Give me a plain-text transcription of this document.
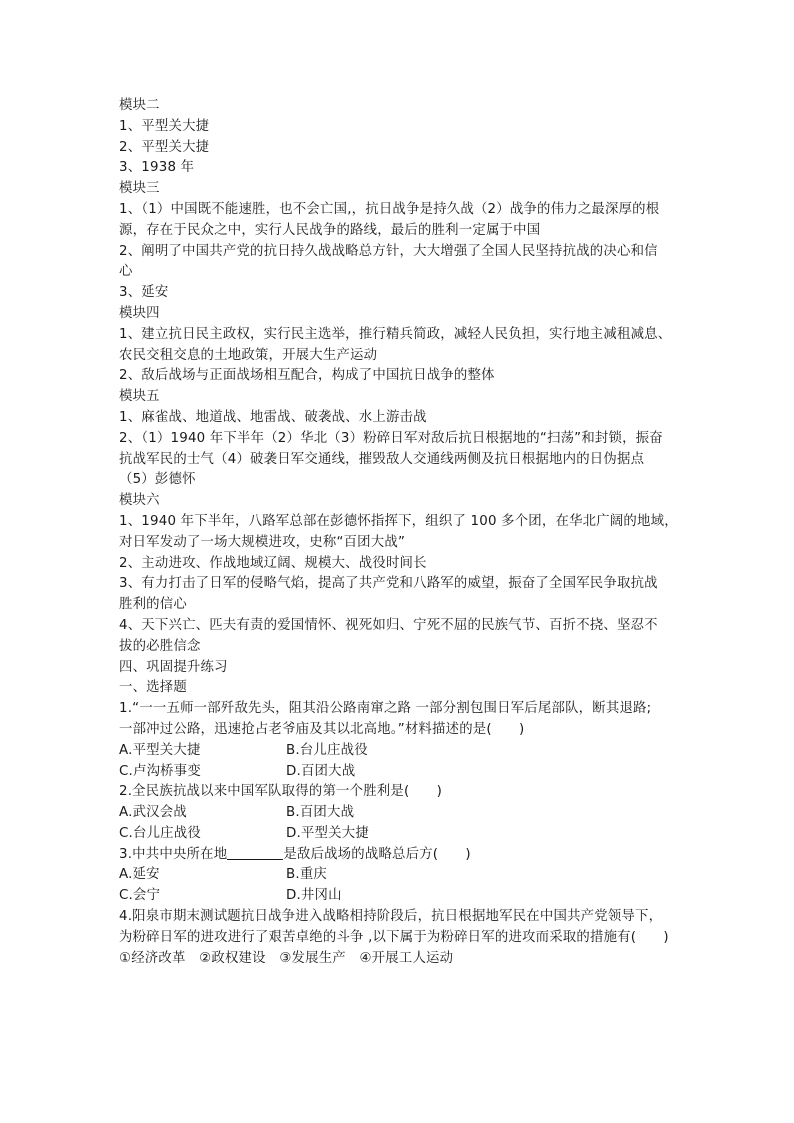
模块二
1、平型关大捷
2、平型关大捷
3、1938 年
模块三
1、（1）中国既不能速胜，也不会亡国,，抗日战争是持久战（2）战争的伟力之最深厚的根
源，存在于民众之中，实行人民战争的路线，最后的胜利一定属于中国
2、阐明了中国共产党的抗日持久战战略总方针，大大增强了全国人民坚持抗战的决心和信
心
3、延安
模块四
1、建立抗日民主政权，实行民主选举，推行精兵简政，减轻人民负担，实行地主减租减息、
农民交租交息的土地政策，开展大生产运动
2、敌后战场与正面战场相互配合，构成了中国抗日战争的整体
模块五
1、麻雀战、地道战、地雷战、破袭战、水上游击战
2、（1）1940 年下半年（2）华北（3）粉碎日军对敌后抗日根据地的“扫荡”和封锁，振奋
抗战军民的士气（4）破袭日军交通线，摧毁敌人交通线两侧及抗日根据地内的日伪据点
（5）彭德怀
模块六
1、1940 年下半年，八路军总部在彭德怀指挥下，组织了 100 多个团，在华北广阔的地域，
对日军发动了一场大规模进攻，史称“百团大战”
2、主动进攻、作战地域辽阔、规模大、战役时间长
3、有力打击了日军的侵略气焰，提高了共产党和八路军的威望，振奋了全国军民争取抗战
胜利的信心
4、天下兴亡、匹夫有责的爱国情怀、视死如归、宁死不屈的民族气节、百折不挠、坚忍不
拔的必胜信念
四、巩固提升练习
一、选择题
1.“一一五师一部歼敌先头，阻其沿公路南窜之路 一部分割包围日军后尾部队，断其退路;
一部冲过公路，迅速抢占老爷庙及其以北高地。”材料描述的是(　　)
A.平型关大捷	B.台儿庄战役
C.卢沟桥事变	D.百团大战
2.全民族抗战以来中国军队取得的第一个胜利是(　　)
A.武汉会战	B.百团大战
C.台儿庄战役	D.平型关大捷
3.中共中央所在地	是敌后战场的战略总后方(　　)
A.延安	B.重庆
C.会宁	D.井冈山
4.阳泉市期末测试题抗日战争进入战略相持阶段后，抗日根据地军民在中国共产党领导下，
为粉碎日军的进攻进行了艰苦卓绝的斗争 ,以下属于为粉碎日军的进攻而采取的措施有(　　)
①经济改革　②政权建设　③发展生产　④开展工人运动
